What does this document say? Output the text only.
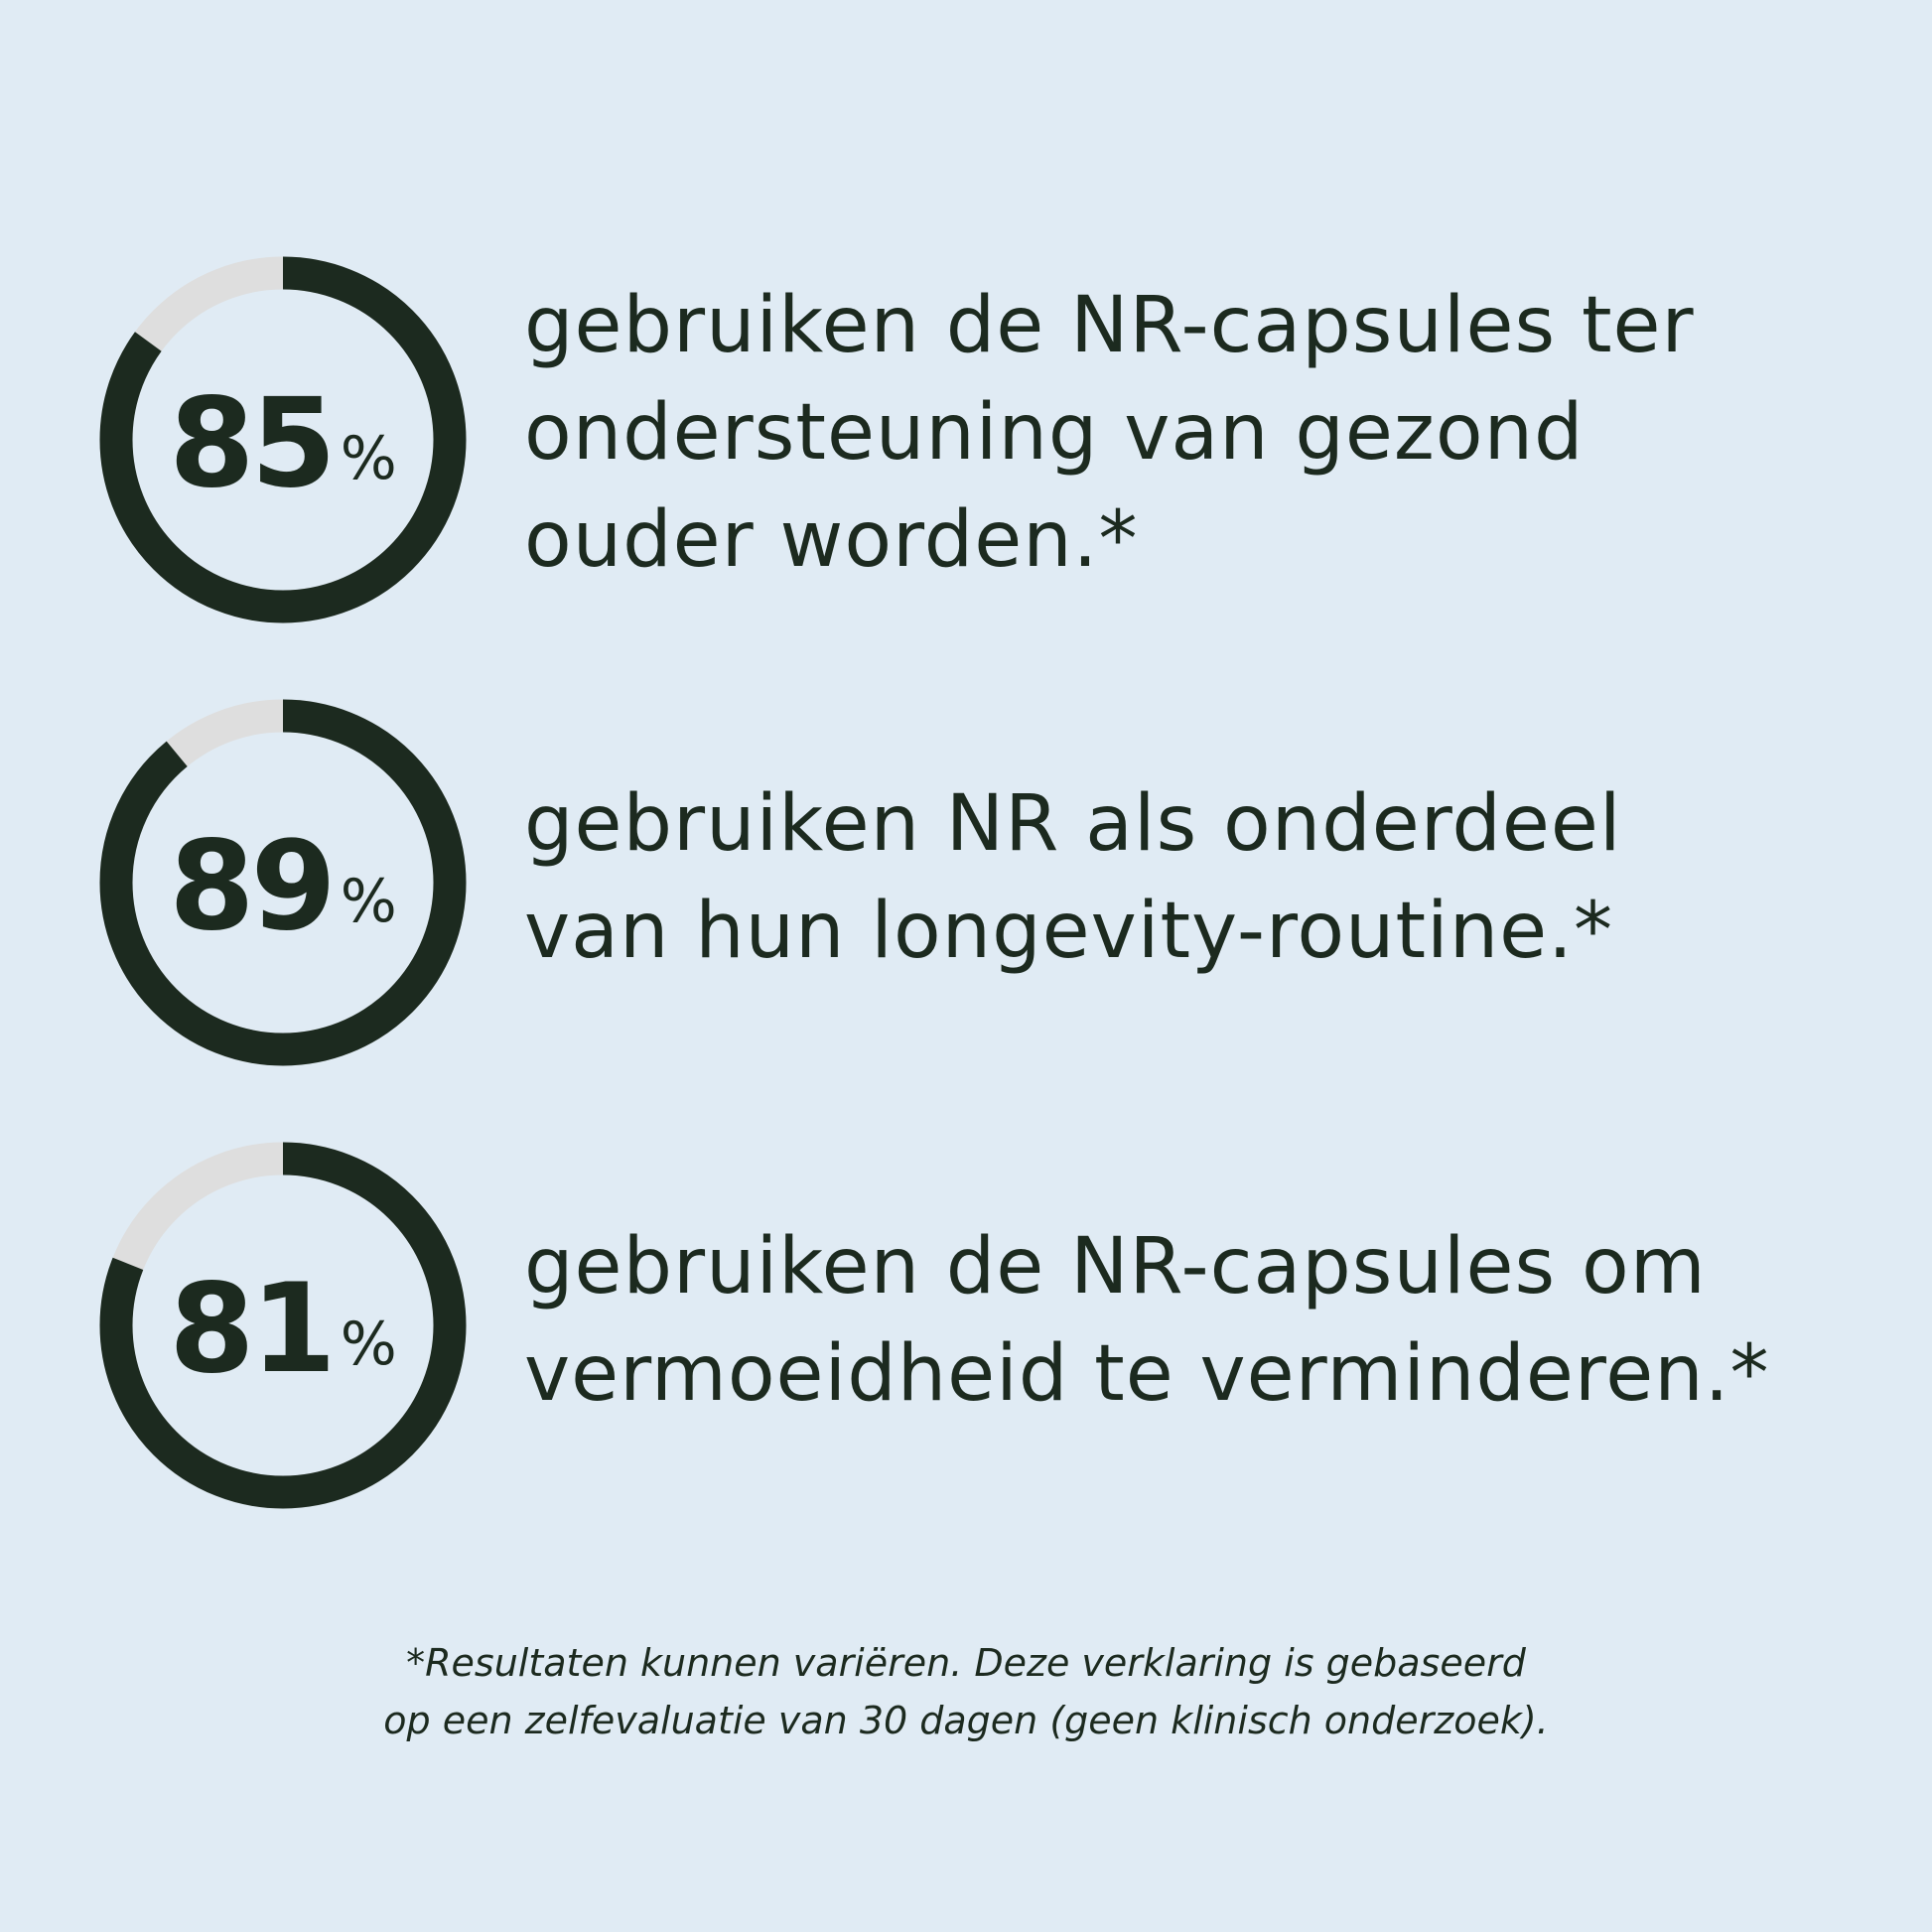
85 %
gebruiken de NR-capsules ter
ondersteuning van gezond
ouder worden.*
89 %
gebruiken NR als onderdeel
van hun longevity-routine.*
81 %
gebruiken de NR-capsules om
vermoeidheid te verminderen.*
*Resultaten kunnen variëren. Deze verklaring is gebaseerd
op een zelfevaluatie van 30 dagen (geen klinisch onderzoek).
